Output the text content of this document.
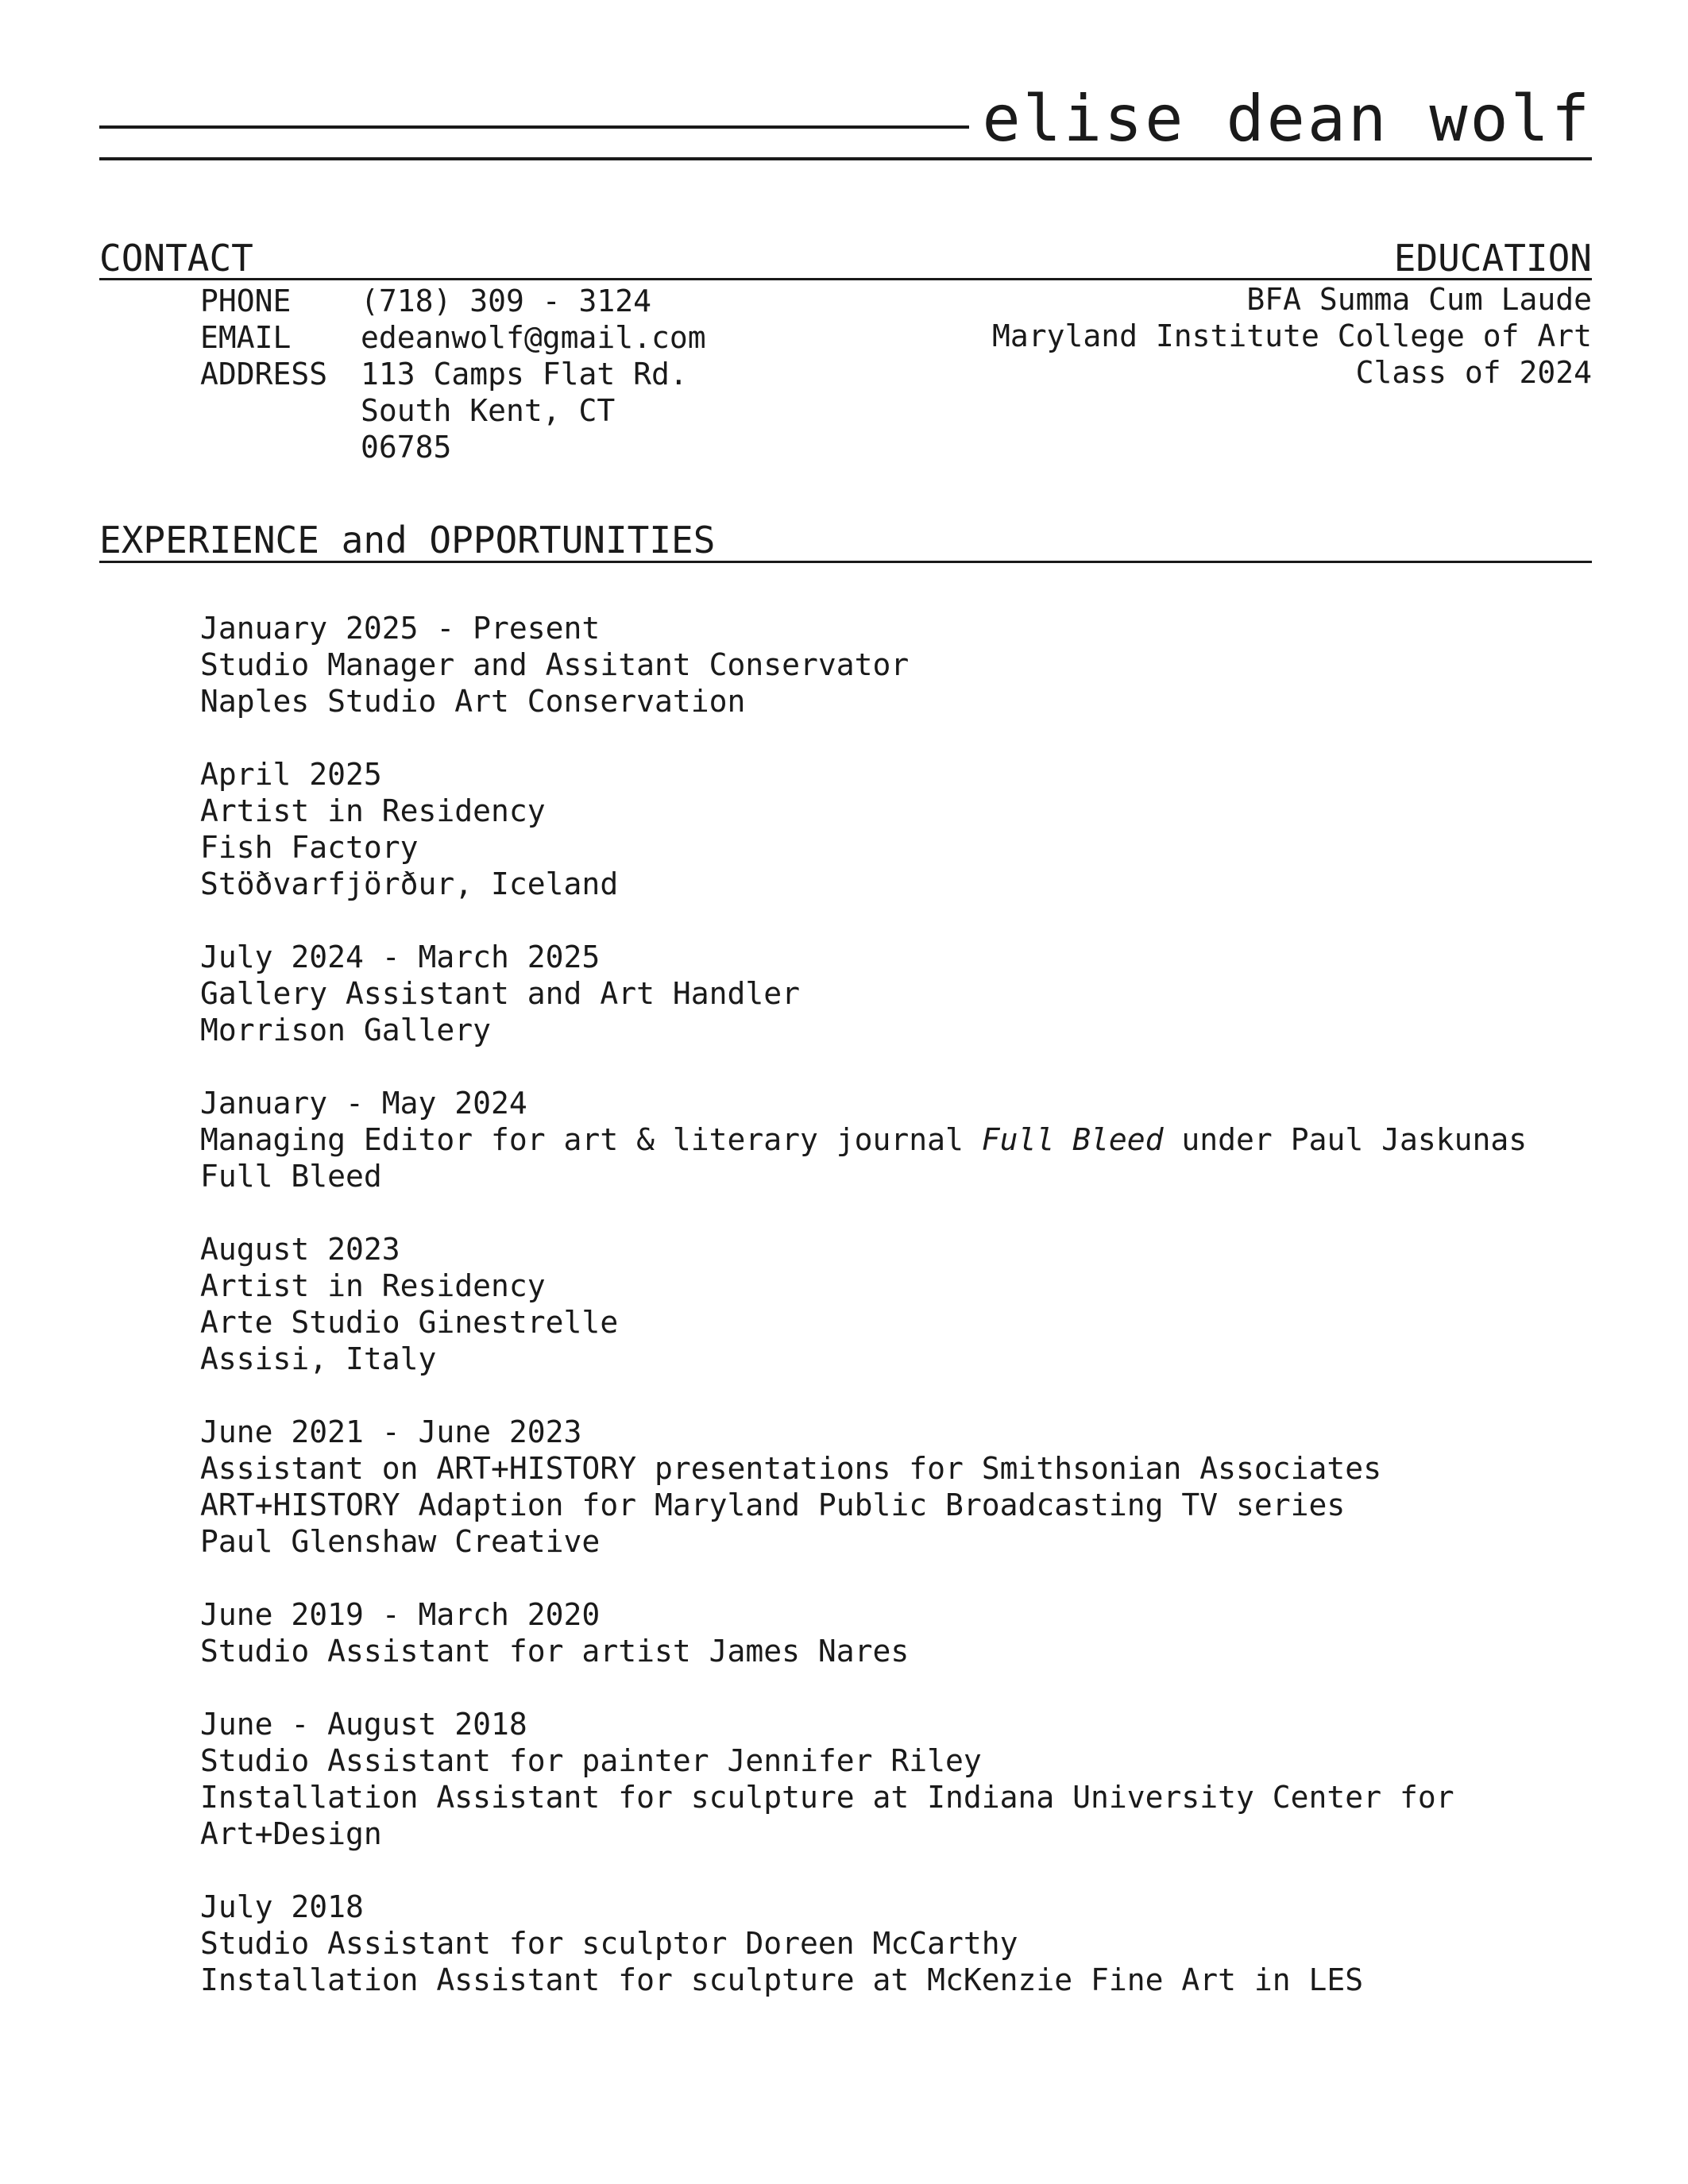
elise dean wolf
CONTACT	EDUCATION
PHONE	(718) 309 - 3124
EMAIL	edeanwolf@gmail.com
ADDRESS	113 Camps Flat Rd.
South Kent, CT
06785
BFA Summa Cum Laude
Maryland Institute College of Art
Class of 2024
EXPERIENCE and OPPORTUNITIES
January 2025 - Present
Studio Manager and Assitant Conservator
Naples Studio Art Conservation
April 2025
Artist in Residency
Fish Factory
Stöðvarfjörður, Iceland
July 2024 - March 2025
Gallery Assistant and Art Handler
Morrison Gallery
January - May 2024
Managing Editor for art & literary journal Full Bleed under Paul Jaskunas
Full Bleed
August 2023
Artist in Residency
Arte Studio Ginestrelle
Assisi, Italy
June 2021 - June 2023
Assistant on ART+HISTORY presentations for Smithsonian Associates
ART+HISTORY Adaption for Maryland Public Broadcasting TV series
Paul Glenshaw Creative
June 2019 - March 2020
Studio Assistant for artist James Nares
June - August 2018
Studio Assistant for painter Jennifer Riley
Installation Assistant for sculpture at Indiana University Center for
Art+Design
July 2018
Studio Assistant for sculptor Doreen McCarthy
Installation Assistant for sculpture at McKenzie Fine Art in LES
